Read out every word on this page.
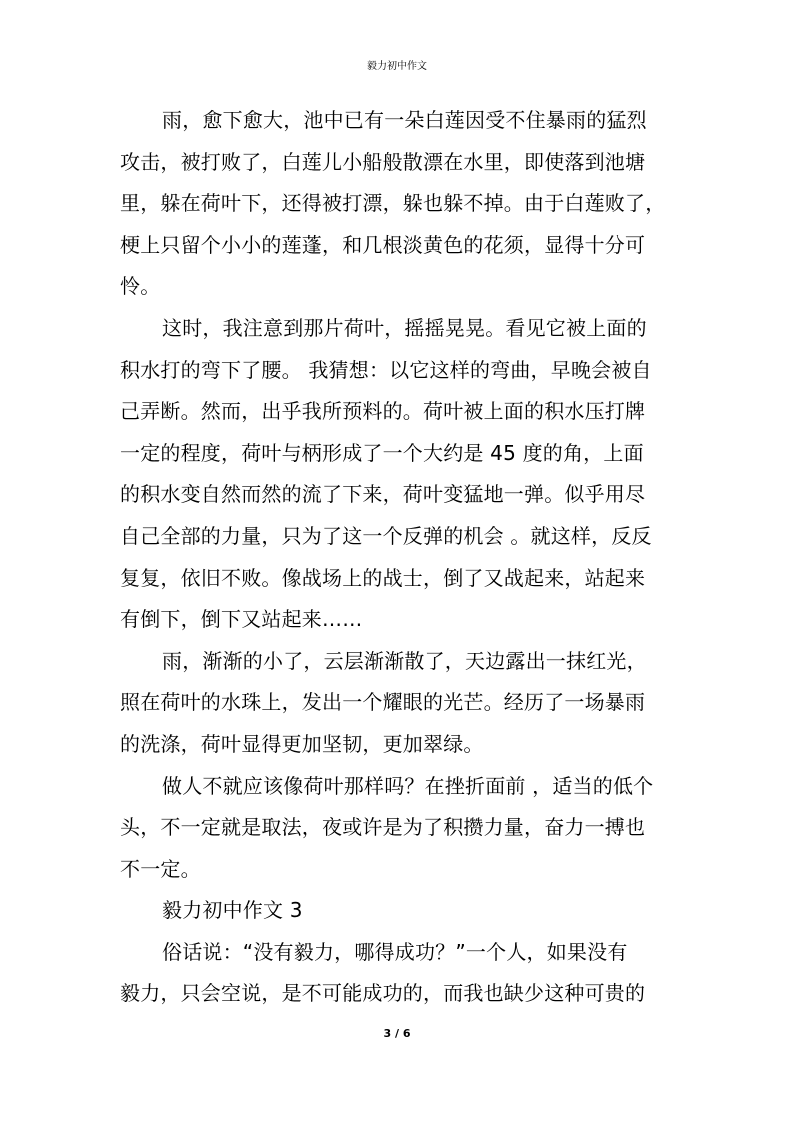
毅力初中作文
雨，愈下愈大，池中已有一朵白莲因受不住暴雨的猛烈
攻击，被打败了，白莲儿小船般散漂在水里，即使落到池塘
里，躲在荷叶下，还得被打漂，躲也躲不掉。由于白莲败了，
梗上只留个小小的莲蓬，和几根淡黄色的花须，显得十分可
怜。
这时，我注意到那片荷叶，摇摇晃晃。看见它被上面的
积水打的弯下了腰。 我猜想：以它这样的弯曲，早晚会被自
己弄断。然而，出乎我所预料的。荷叶被上面的积水压打牌
一定的程度，荷叶与柄形成了一个大约是 45 度的角，上面
的积水变自然而然的流了下来，荷叶变猛地一弹。似乎用尽
自己全部的力量，只为了这一个反弹的机会 。就这样，反反
复复，依旧不败。像战场上的战士，倒了又战起来，站起来
有倒下，倒下又站起来……
雨，渐渐的小了，云层渐渐散了，天边露出一抹红光，
照在荷叶的水珠上，发出一个耀眼的光芒。经历了一场暴雨
的洗涤，荷叶显得更加坚韧，更加翠绿。
做人不就应该像荷叶那样吗？在挫折面前 ，适当的低个
头，不一定就是取法，夜或许是为了积攒力量，奋力一搏也
不一定。
毅力初中作文 3
俗话说：“没有毅力，哪得成功？”一个人，如果没有
毅力，只会空说，是不可能成功的，而我也缺少这种可贵的
3 / 6
